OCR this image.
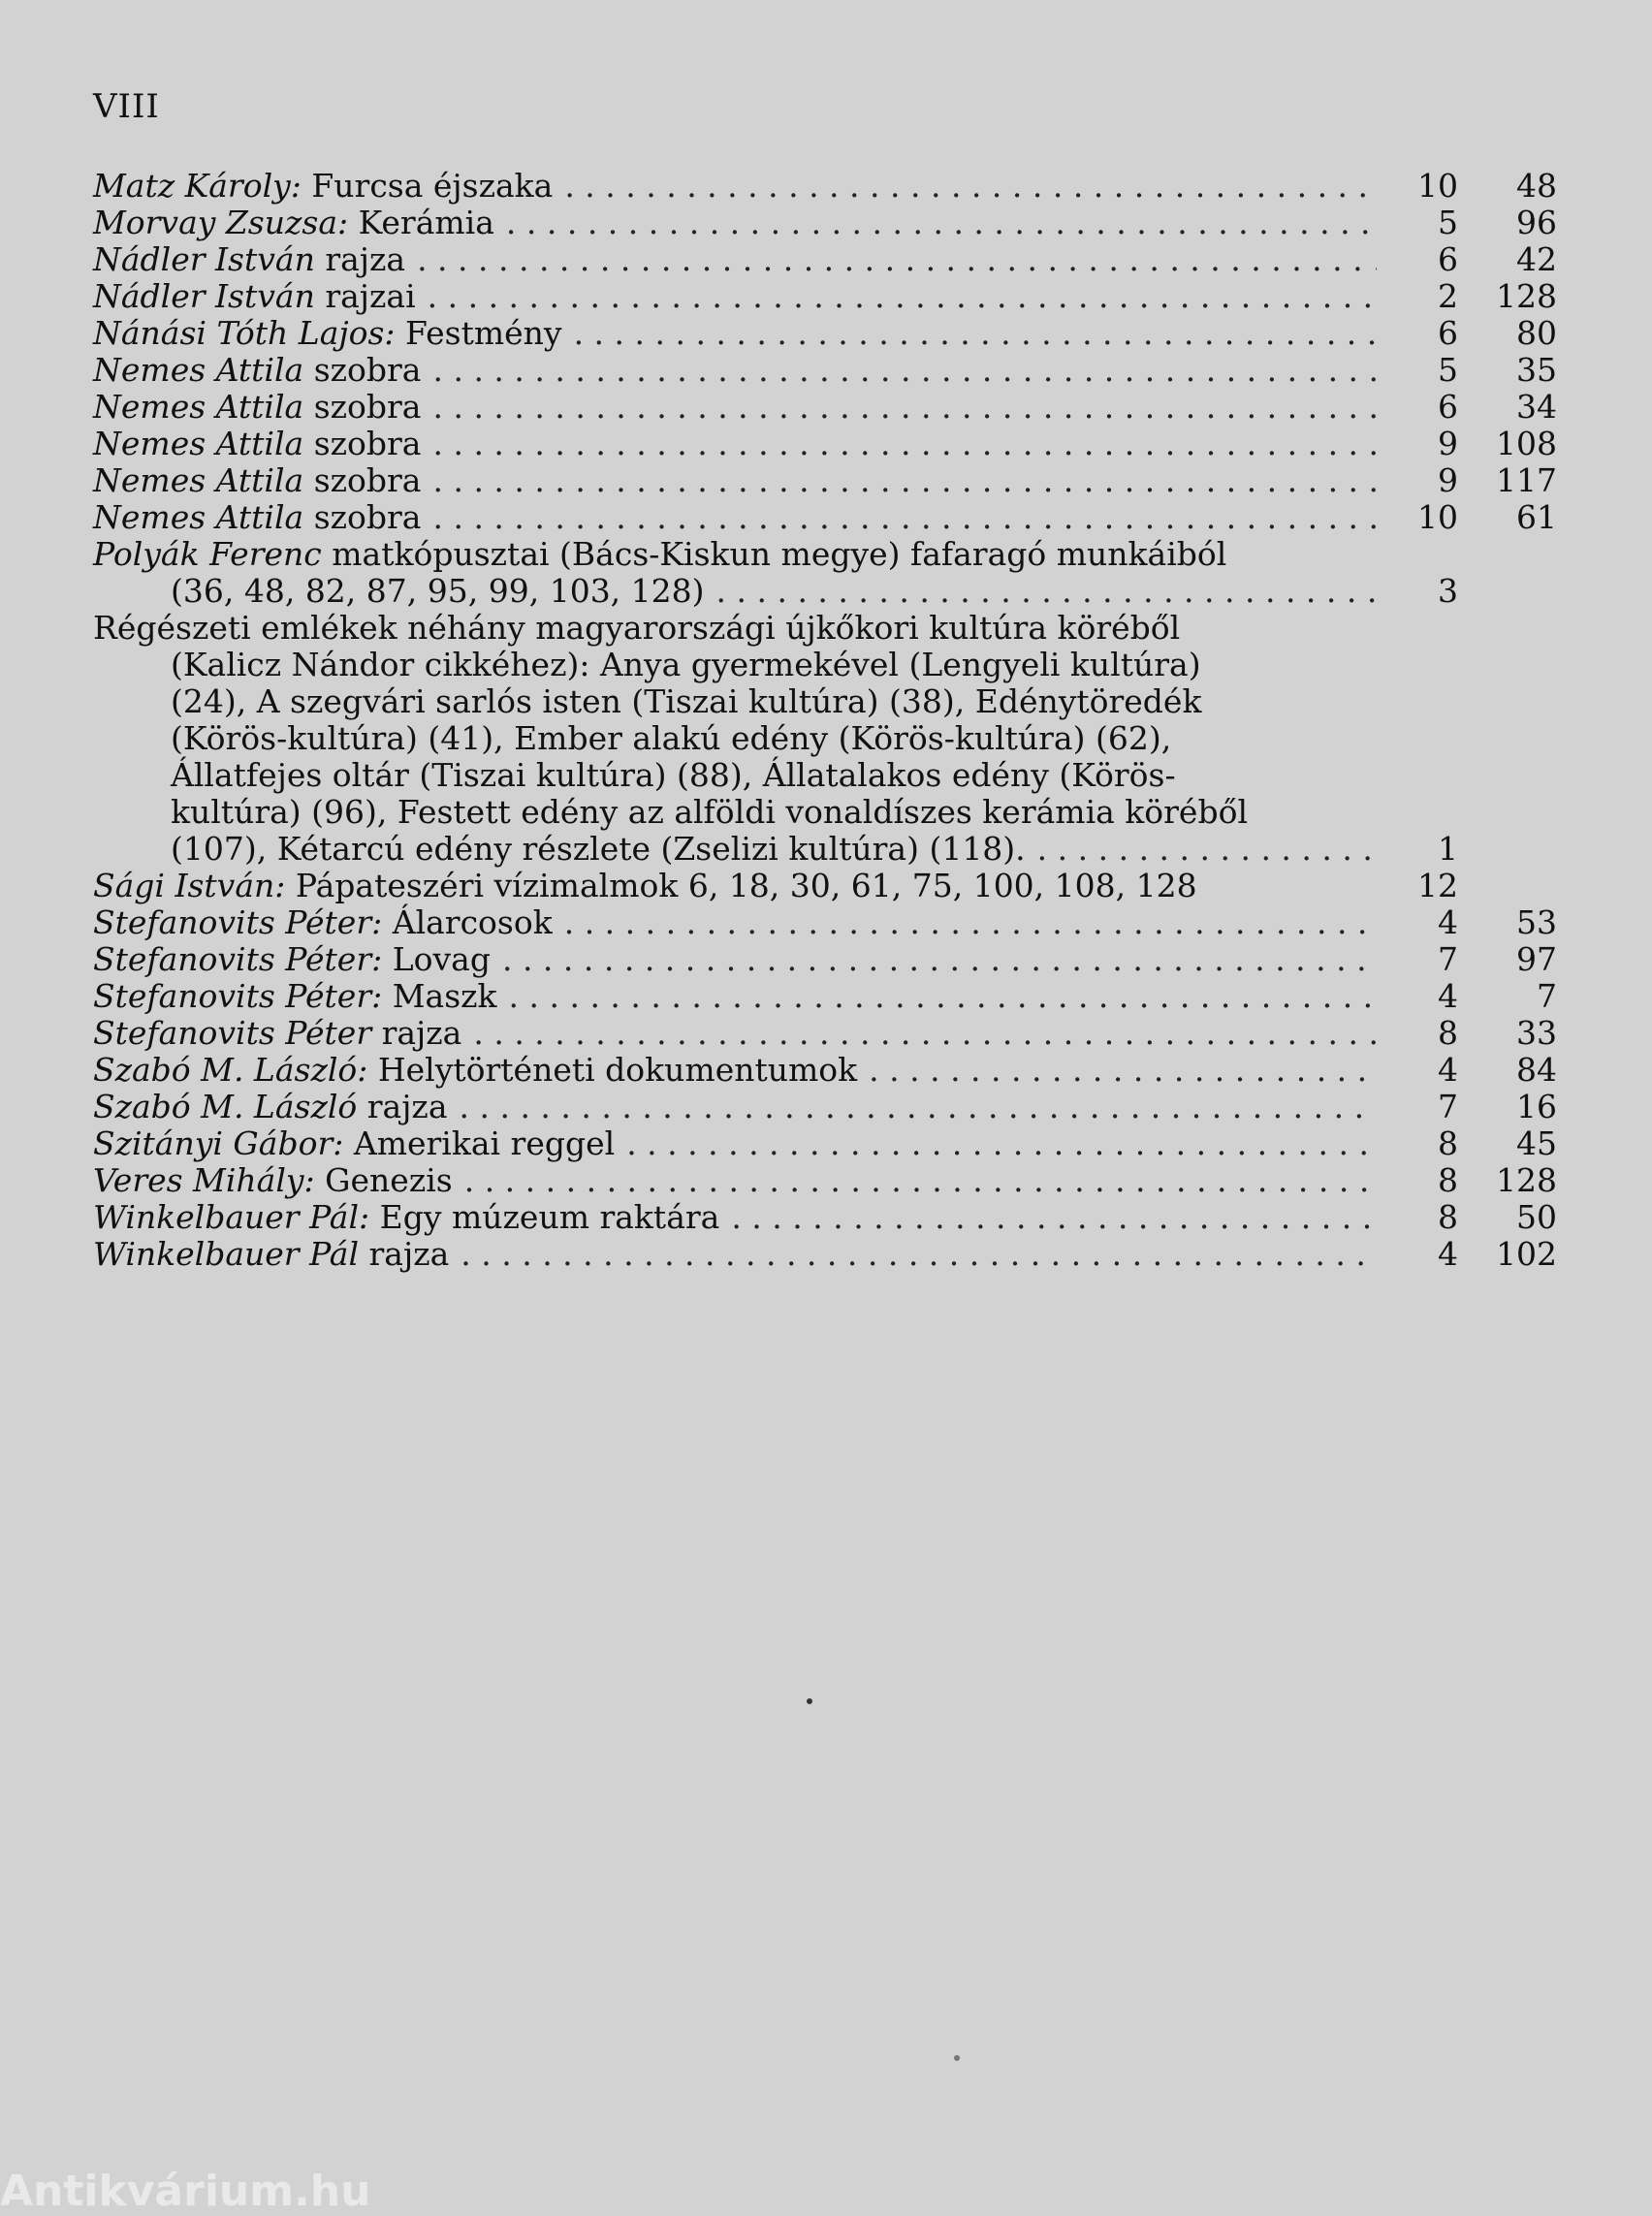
VIII
Matz Károly: Furcsa éjszaka . . .	10	48
Morvay Zsuzsa: Kerámia . . .	5	96
Nádler István rajza . . .	6	42
Nádler István rajzai . . .	2	128
Nánási Tóth Lajos: Festmény . . .	6	80
Nemes Attila szobra . . .	5	35
Nemes Attila szobra . . .	6	34
Nemes Attila szobra . . .	9	108
Nemes Attila szobra . . .	9	117
Nemes Attila szobra . . .	10	61
Polyák Ferenc matkópusztai (Bács-Kiskun megye) fafaragó munkáiból
(36, 48, 82, 87, 95, 99, 103, 128) . . .	3
Régészeti emlékek néhány magyarországi újkőkori kultúra köréből
(Kalicz Nándor cikkéhez): Anya gyermekével (Lengyeli kultúra)
(24), A szegvári sarlós isten (Tiszai kultúra) (38), Edénytöredék
(Körös-kultúra) (41), Ember alakú edény (Körös-kultúra) (62),
Állatfejes oltár (Tiszai kultúra) (88), Állatalakos edény (Körös-
kultúra) (96), Festett edény az alföldi vonaldíszes kerámia köréből
(107), Kétarcú edény részlete (Zselizi kultúra) (118). . . .	1
Sági István: Pápateszéri vízimalmok 6, 18, 30, 61, 75, 100, 108, 128	12
Stefanovits Péter: Álarcosok . . .	4	53
Stefanovits Péter: Lovag . . .	7	97
Stefanovits Péter: Maszk . . .	4	7
Stefanovits Péter rajza . . .	8	33
Szabó M. László: Helytörténeti dokumentumok . . .	4	84
Szabó M. László rajza . . .	7	16
Szitányi Gábor: Amerikai reggel . . .	8	45
Veres Mihály: Genezis . . .	8	128
Winkelbauer Pál: Egy múzeum raktára . . .	8	50
Winkelbauer Pál rajza . . .	4	102
Antikvárium.hu
